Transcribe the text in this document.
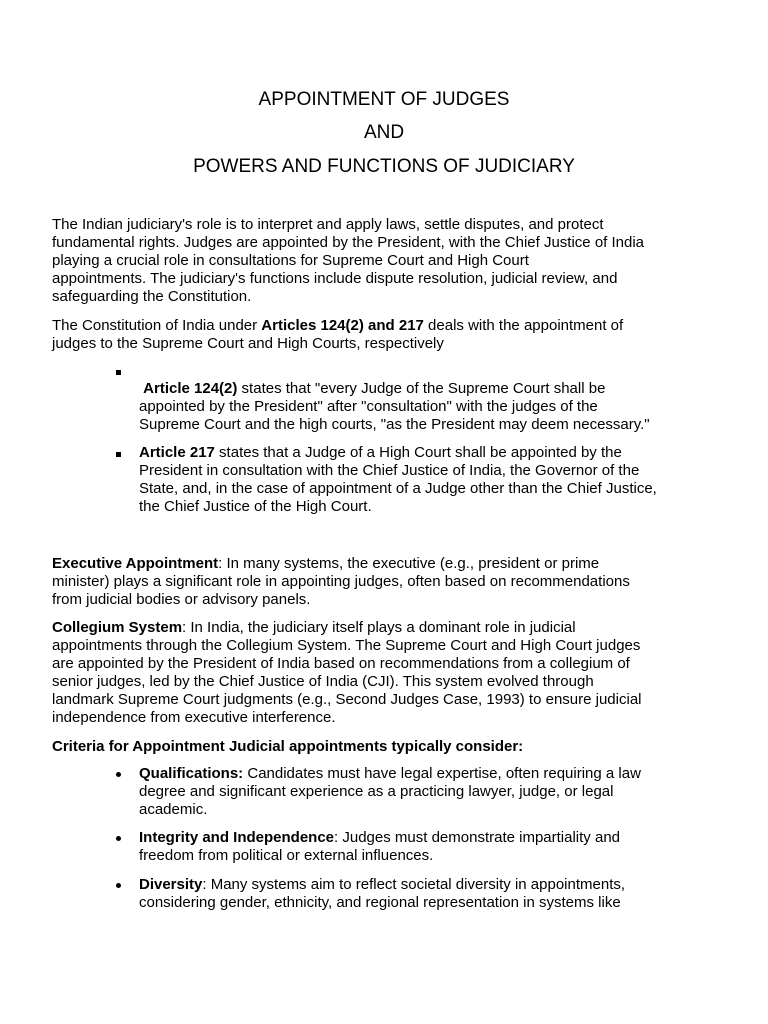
APPOINTMENT OF JUDGES
AND
POWERS AND FUNCTIONS OF JUDICIARY
The Indian judiciary's role is to interpret and apply laws, settle disputes, and protect
fundamental rights. Judges are appointed by the President, with the Chief Justice of India
playing a crucial role in consultations for Supreme Court and High Court
appointments. The judiciary's functions include dispute resolution, judicial review, and
safeguarding the Constitution.
The Constitution of India under Articles 124(2) and 217 deals with the appointment of
judges to the Supreme Court and High Courts, respectively
Article 124(2) states that "every Judge of the Supreme Court shall be
appointed by the President" after "consultation" with the judges of the
Supreme Court and the high courts, "as the President may deem necessary."
Article 217 states that a Judge of a High Court shall be appointed by the
President in consultation with the Chief Justice of India, the Governor of the
State, and, in the case of appointment of a Judge other than the Chief Justice,
the Chief Justice of the High Court.
Executive Appointment: In many systems, the executive (e.g., president or prime
minister) plays a significant role in appointing judges, often based on recommendations
from judicial bodies or advisory panels.
Collegium System: In India, the judiciary itself plays a dominant role in judicial
appointments through the Collegium System. The Supreme Court and High Court judges
are appointed by the President of India based on recommendations from a collegium of
senior judges, led by the Chief Justice of India (CJI). This system evolved through
landmark Supreme Court judgments (e.g., Second Judges Case, 1993) to ensure judicial
independence from executive interference.
Criteria for Appointment Judicial appointments typically consider:
Qualifications: Candidates must have legal expertise, often requiring a law
degree and significant experience as a practicing lawyer, judge, or legal
academic.
Integrity and Independence: Judges must demonstrate impartiality and
freedom from political or external influences.
Diversity: Many systems aim to reflect societal diversity in appointments,
considering gender, ethnicity, and regional representation in systems like
